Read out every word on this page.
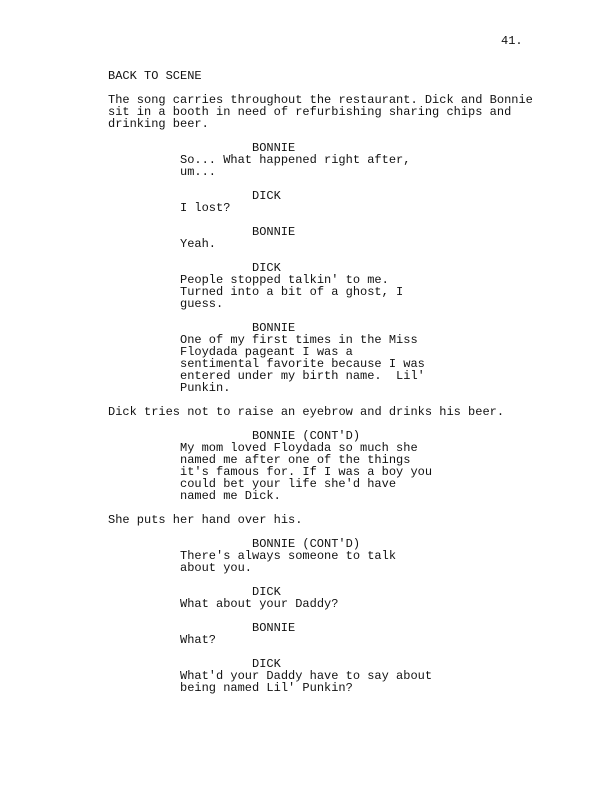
41.
BACK TO SCENE
The song carries throughout the restaurant. Dick and Bonnie
sit in a booth in need of refurbishing sharing chips and
drinking beer.
BONNIE
So... What happened right after,
um...
DICK
I lost?
BONNIE
Yeah.
DICK
People stopped talkin' to me.
Turned into a bit of a ghost, I
guess.
BONNIE
One of my first times in the Miss
Floydada pageant I was a
sentimental favorite because I was
entered under my birth name.  Lil'
Punkin.
Dick tries not to raise an eyebrow and drinks his beer.
BONNIE (CONT'D)
My mom loved Floydada so much she
named me after one of the things
it's famous for. If I was a boy you
could bet your life she'd have
named me Dick.
She puts her hand over his.
BONNIE (CONT'D)
There's always someone to talk
about you.
DICK
What about your Daddy?
BONNIE
What?
DICK
What'd your Daddy have to say about
being named Lil' Punkin?
